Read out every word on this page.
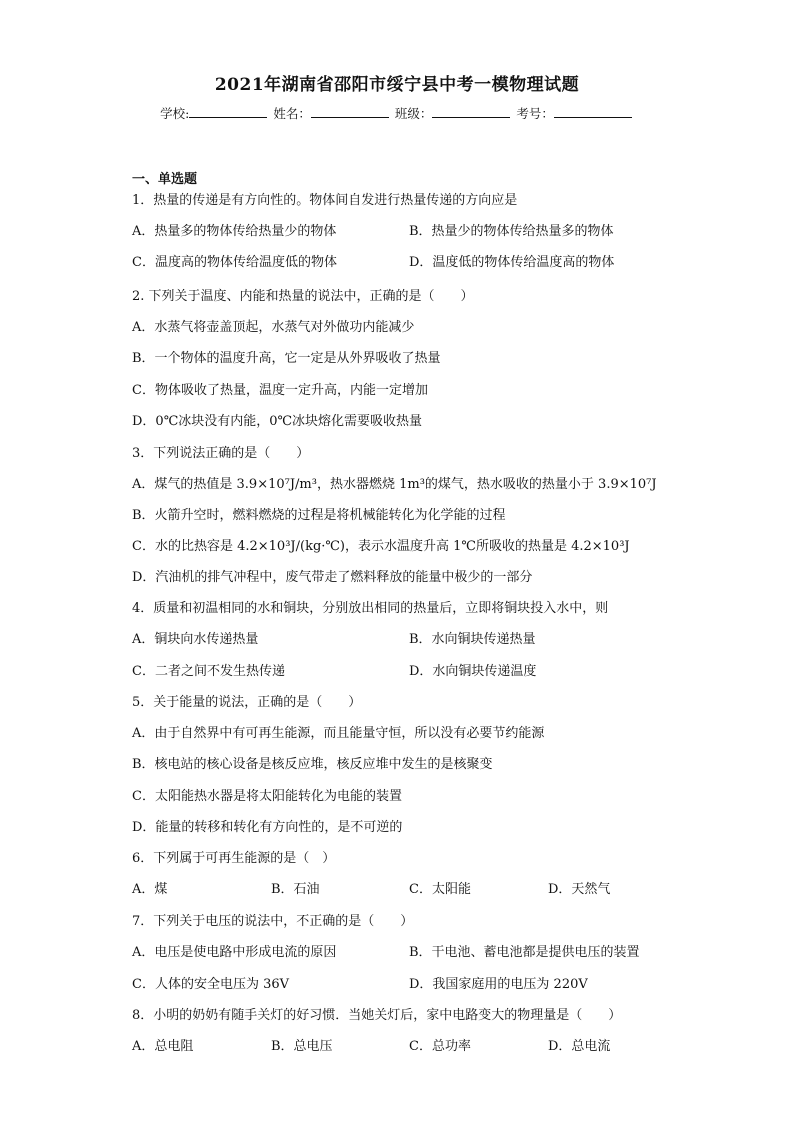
2021年湖南省邵阳市绥宁县中考一模物理试题
学校:	姓名：	班级：	考号：
一、单选题
1．热量的传递是有方向性的。物体间自发进行热量传递的方向应是
A．热量多的物体传给热量少的物体	B．热量少的物体传给热量多的物体
C．温度高的物体传给温度低的物体	D．温度低的物体传给温度高的物体
2. 下列关于温度、内能和热量的说法中，正确的是（　　）
A．水蒸气将壶盖顶起，水蒸气对外做功内能减少
B．一个物体的温度升高，它一定是从外界吸收了热量
C．物体吸收了热量，温度一定升高，内能一定增加
D．0℃冰块没有内能，0℃冰块熔化需要吸收热量
3．下列说法正确的是（　　）
A．煤气的热值是 3.9×10⁷J/m³，热水器燃烧 1m³的煤气，热水吸收的热量小于 3.9×10⁷J
B．火箭升空时，燃料燃烧的过程是将机械能转化为化学能的过程
C．水的比热容是 4.2×10³J/(kg·℃)，表示水温度升高 1℃所吸收的热量是 4.2×10³J
D．汽油机的排气冲程中，废气带走了燃料释放的能量中极少的一部分
4．质量和初温相同的水和铜块，分别放出相同的热量后，立即将铜块投入水中，则
A．铜块向水传递热量	B．水向铜块传递热量
C．二者之间不发生热传递	D．水向铜块传递温度
5．关于能量的说法，正确的是（　　）
A．由于自然界中有可再生能源，而且能量守恒，所以没有必要节约能源
B．核电站的核心设备是核反应堆，核反应堆中发生的是核聚变
C．太阳能热水器是将太阳能转化为电能的装置
D．能量的转移和转化有方向性的，是不可逆的
6．下列属于可再生能源的是（　）
A．煤	B．石油	C．太阳能	D．天然气
7．下列关于电压的说法中，不正确的是（　　）
A．电压是使电路中形成电流的原因	B．干电池、蓄电池都是提供电压的装置
C．人体的安全电压为 36V	D．我国家庭用的电压为 220V
8．小明的奶奶有随手关灯的好习惯．当她关灯后，家中电路变大的物理量是（　　）
A．总电阻	B．总电压	C．总功率	D．总电流
